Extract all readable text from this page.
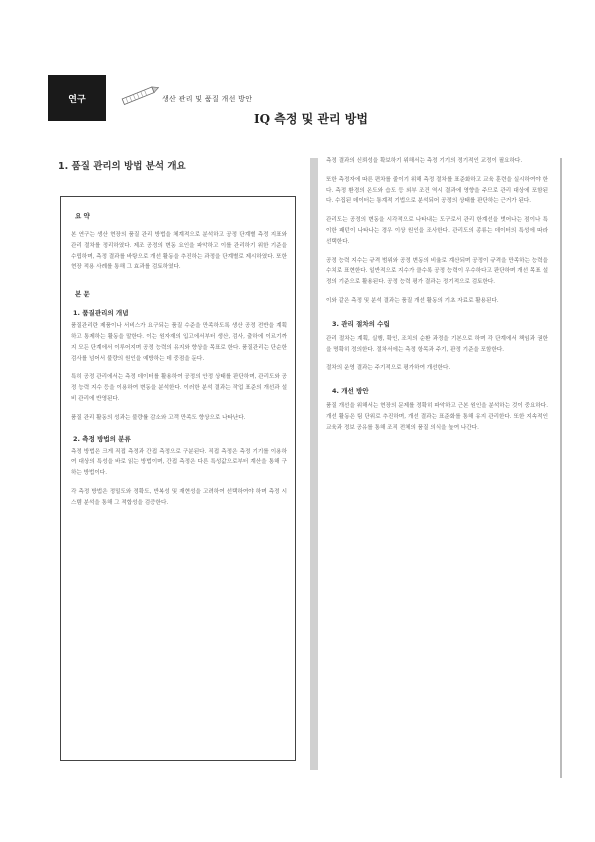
연구	생산 관리 및 품질 개선 방안
IQ 측정 및 관리 방법
1. 품질 관리의 방법 분석 개요
요 약

본 연구는 생산 현장의 품질 관리 방법을 체계적으로 분석하고 공정 단계별 측정 지표와 관리 절차를 정리하였다. 제조 공정의 변동 요인을 파악하고 이를 관리하기 위한 기준을 수립하며, 측정 결과를 바탕으로 개선 활동을 추진하는 과정을 단계별로 제시하였다. 또한 현장 적용 사례를 통해 그 효과를 검토하였다.

본 문
1. 품질관리의 개념

품질관리란 제품이나 서비스가 요구되는 품질 수준을 만족하도록 생산 공정 전반을 계획하고 통제하는 활동을 말한다. 이는 원자재의 입고에서부터 생산, 검사, 출하에 이르기까지 모든 단계에서 이루어지며 공정 능력의 유지와 향상을 목표로 한다. 품질관리는 단순한 검사를 넘어서 불량의 원인을 예방하는 데 중점을 둔다.

특히 공정 관리에서는 측정 데이터를 활용하여 공정의 안정 상태를 판단하며, 관리도와 공정 능력 지수 등을 이용하여 변동을 분석한다. 이러한 분석 결과는 작업 표준의 개선과 설비 관리에 반영된다.

품질 관리 활동의 성과는 불량률 감소와 고객 만족도 향상으로 나타난다.

2. 측정 방법의 분류

측정 방법은 크게 직접 측정과 간접 측정으로 구분된다. 직접 측정은 측정 기기를 이용하여 대상의 특성을 바로 읽는 방법이며, 간접 측정은 다른 특성값으로부터 계산을 통해 구하는 방법이다.

각 측정 방법은 정밀도와 정확도, 반복성 및 재현성을 고려하여 선택하여야 하며 측정 시스템 분석을 통해 그 적합성을 검증한다.

측정 결과의 신뢰성을 확보하기 위해서는 측정 기기의 정기적인 교정이 필요하다.

또한 측정자에 따른 편차를 줄이기 위해 측정 절차를 표준화하고 교육 훈련을 실시하여야 한다. 측정 환경의 온도와 습도 등 외부 조건 역시 결과에 영향을 주므로 관리 대상에 포함된다. 수집된 데이터는 통계적 기법으로 분석되어 공정의 상태를 판단하는 근거가 된다.

관리도는 공정의 변동을 시각적으로 나타내는 도구로서 관리 한계선을 벗어나는 점이나 특이한 패턴이 나타나는 경우 이상 원인을 조사한다. 관리도의 종류는 데이터의 특성에 따라 선택한다.

공정 능력 지수는 규격 범위와 공정 변동의 비율로 계산되며 공정이 규격을 만족하는 능력을 수치로 표현한다. 일반적으로 지수가 클수록 공정 능력이 우수하다고 판단하며 개선 목표 설정의 기준으로 활용된다. 공정 능력 평가 결과는 정기적으로 검토한다.

이와 같은 측정 및 분석 결과는 품질 개선 활동의 기초 자료로 활용된다.

3. 관리 절차의 수립

관리 절차는 계획, 실행, 확인, 조치의 순환 과정을 기본으로 하며 각 단계에서 책임과 권한을 명확히 정의한다. 절차서에는 측정 항목과 주기, 판정 기준을 포함한다.

절차의 운영 결과는 주기적으로 평가하여 개선한다.

4. 개선 방안

품질 개선을 위해서는 현장의 문제를 정확히 파악하고 근본 원인을 분석하는 것이 중요하다. 개선 활동은 팀 단위로 추진하며, 개선 결과는 표준화를 통해 유지 관리한다. 또한 지속적인 교육과 정보 공유를 통해 조직 전체의 품질 의식을 높여 나간다.
